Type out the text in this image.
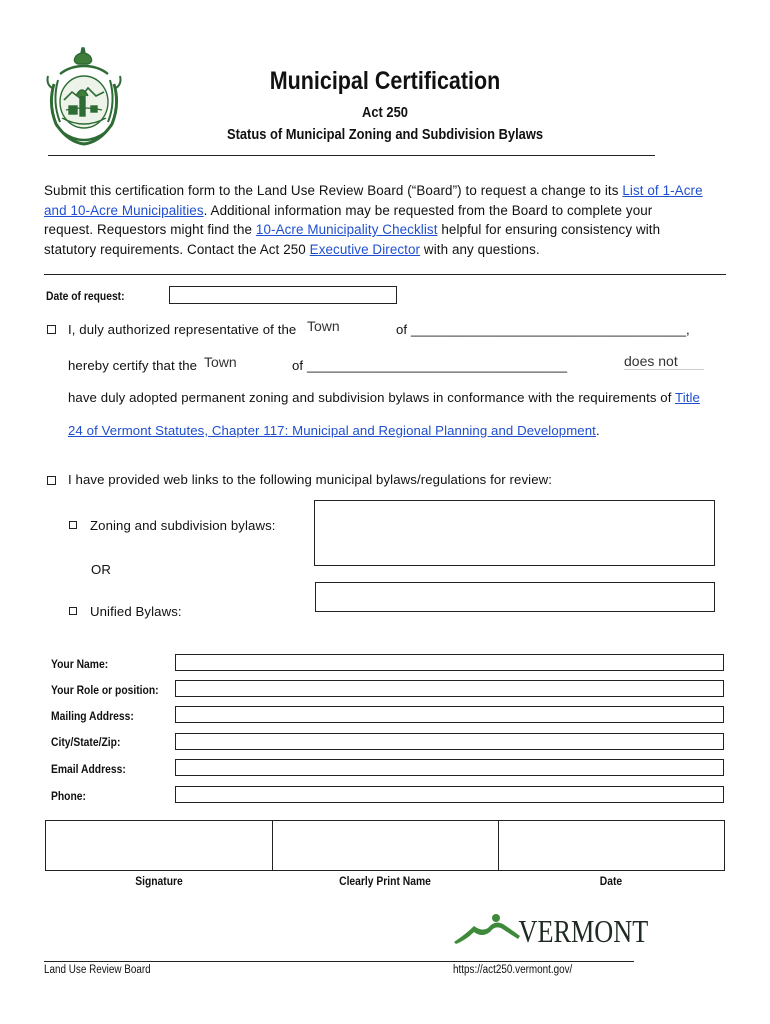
Municipal Certification
Act 250
Status of Municipal Zoning and Subdivision Bylaws
Submit this certification form to the Land Use Review Board (“Board”) to request a change to its List of 1-Acre
and 10-Acre Municipalities. Additional information may be requested from the Board to complete your
request. Requestors might find the 10-Acre Municipality Checklist helpful for ensuring consistency with
statutory requirements. Contact the Act 250 Executive Director with any questions.
Date of request:
I, duly authorized representative of the Town	of _____________________________________,
hereby certify that the Town	of ___________________________________	does not
have duly adopted permanent zoning and subdivision bylaws in conformance with the requirements of Title
24 of Vermont Statutes, Chapter 117: Municipal and Regional Planning and Development.
I have provided web links to the following municipal bylaws/regulations for review:
Zoning and subdivision bylaws:
OR
Unified Bylaws:
Your Name:
Your Role or position:
Mailing Address:
City/State/Zip:
Email Address:
Phone:
Signature	Clearly Print Name	Date
VERMONT
Land Use Review Board	https://act250.vermont.gov/
